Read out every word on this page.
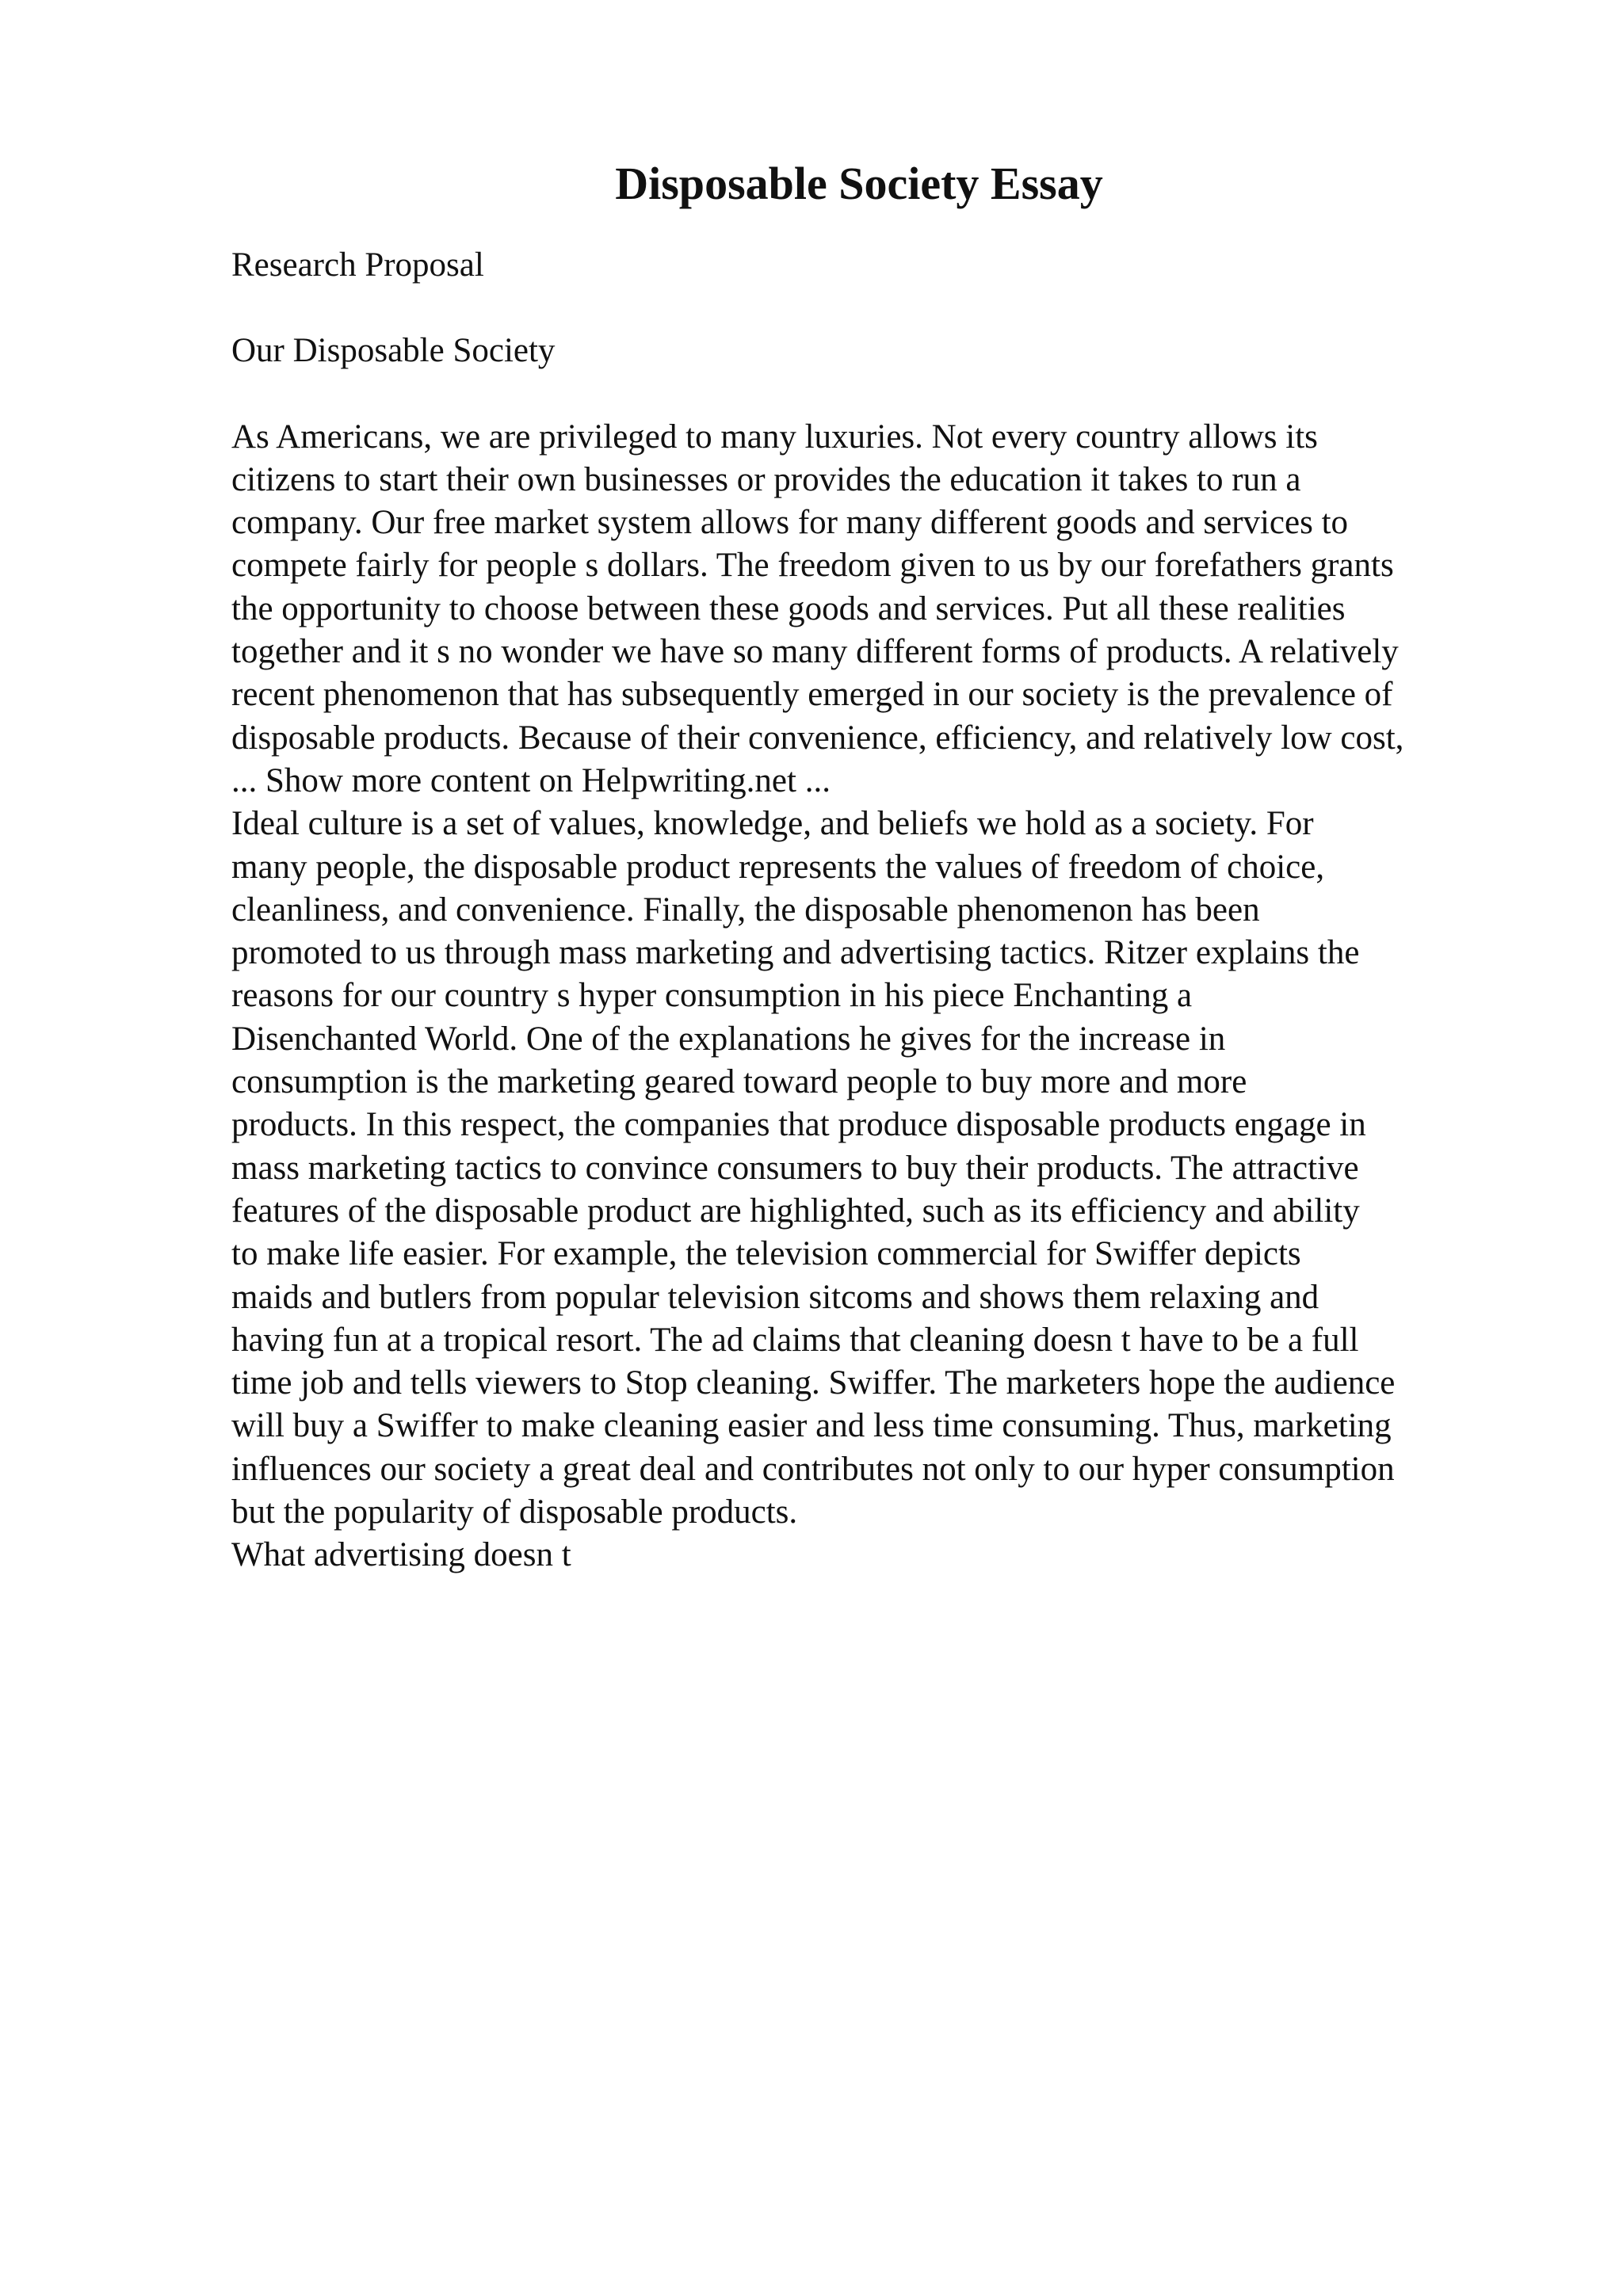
Disposable Society Essay

Research Proposal

Our Disposable Society

As Americans, we are privileged to many luxuries. Not every country allows its
citizens to start their own businesses or provides the education it takes to run a
company. Our free market system allows for many different goods and services to
compete fairly for people s dollars. The freedom given to us by our forefathers grants
the opportunity to choose between these goods and services. Put all these realities
together and it s no wonder we have so many different forms of products. A relatively
recent phenomenon that has subsequently emerged in our society is the prevalence of
disposable products. Because of their convenience, efficiency, and relatively low cost,

... Show more content on Helpwriting.net ...

Ideal culture is a set of values, knowledge, and beliefs we hold as a society. For
many people, the disposable product represents the values of freedom of choice,
cleanliness, and convenience. Finally, the disposable phenomenon has been
promoted to us through mass marketing and advertising tactics. Ritzer explains the
reasons for our country s hyper consumption in his piece Enchanting a
Disenchanted World. One of the explanations he gives for the increase in
consumption is the marketing geared toward people to buy more and more
products. In this respect, the companies that produce disposable products engage in
mass marketing tactics to convince consumers to buy their products. The attractive
features of the disposable product are highlighted, such as its efficiency and ability
to make life easier. For example, the television commercial for Swiffer depicts
maids and butlers from popular television sitcoms and shows them relaxing and
having fun at a tropical resort. The ad claims that cleaning doesn t have to be a full
time job and tells viewers to Stop cleaning. Swiffer. The marketers hope the audience
will buy a Swiffer to make cleaning easier and less time consuming. Thus, marketing
influences our society a great deal and contributes not only to our hyper consumption
but the popularity of disposable products.

What advertising doesn t
